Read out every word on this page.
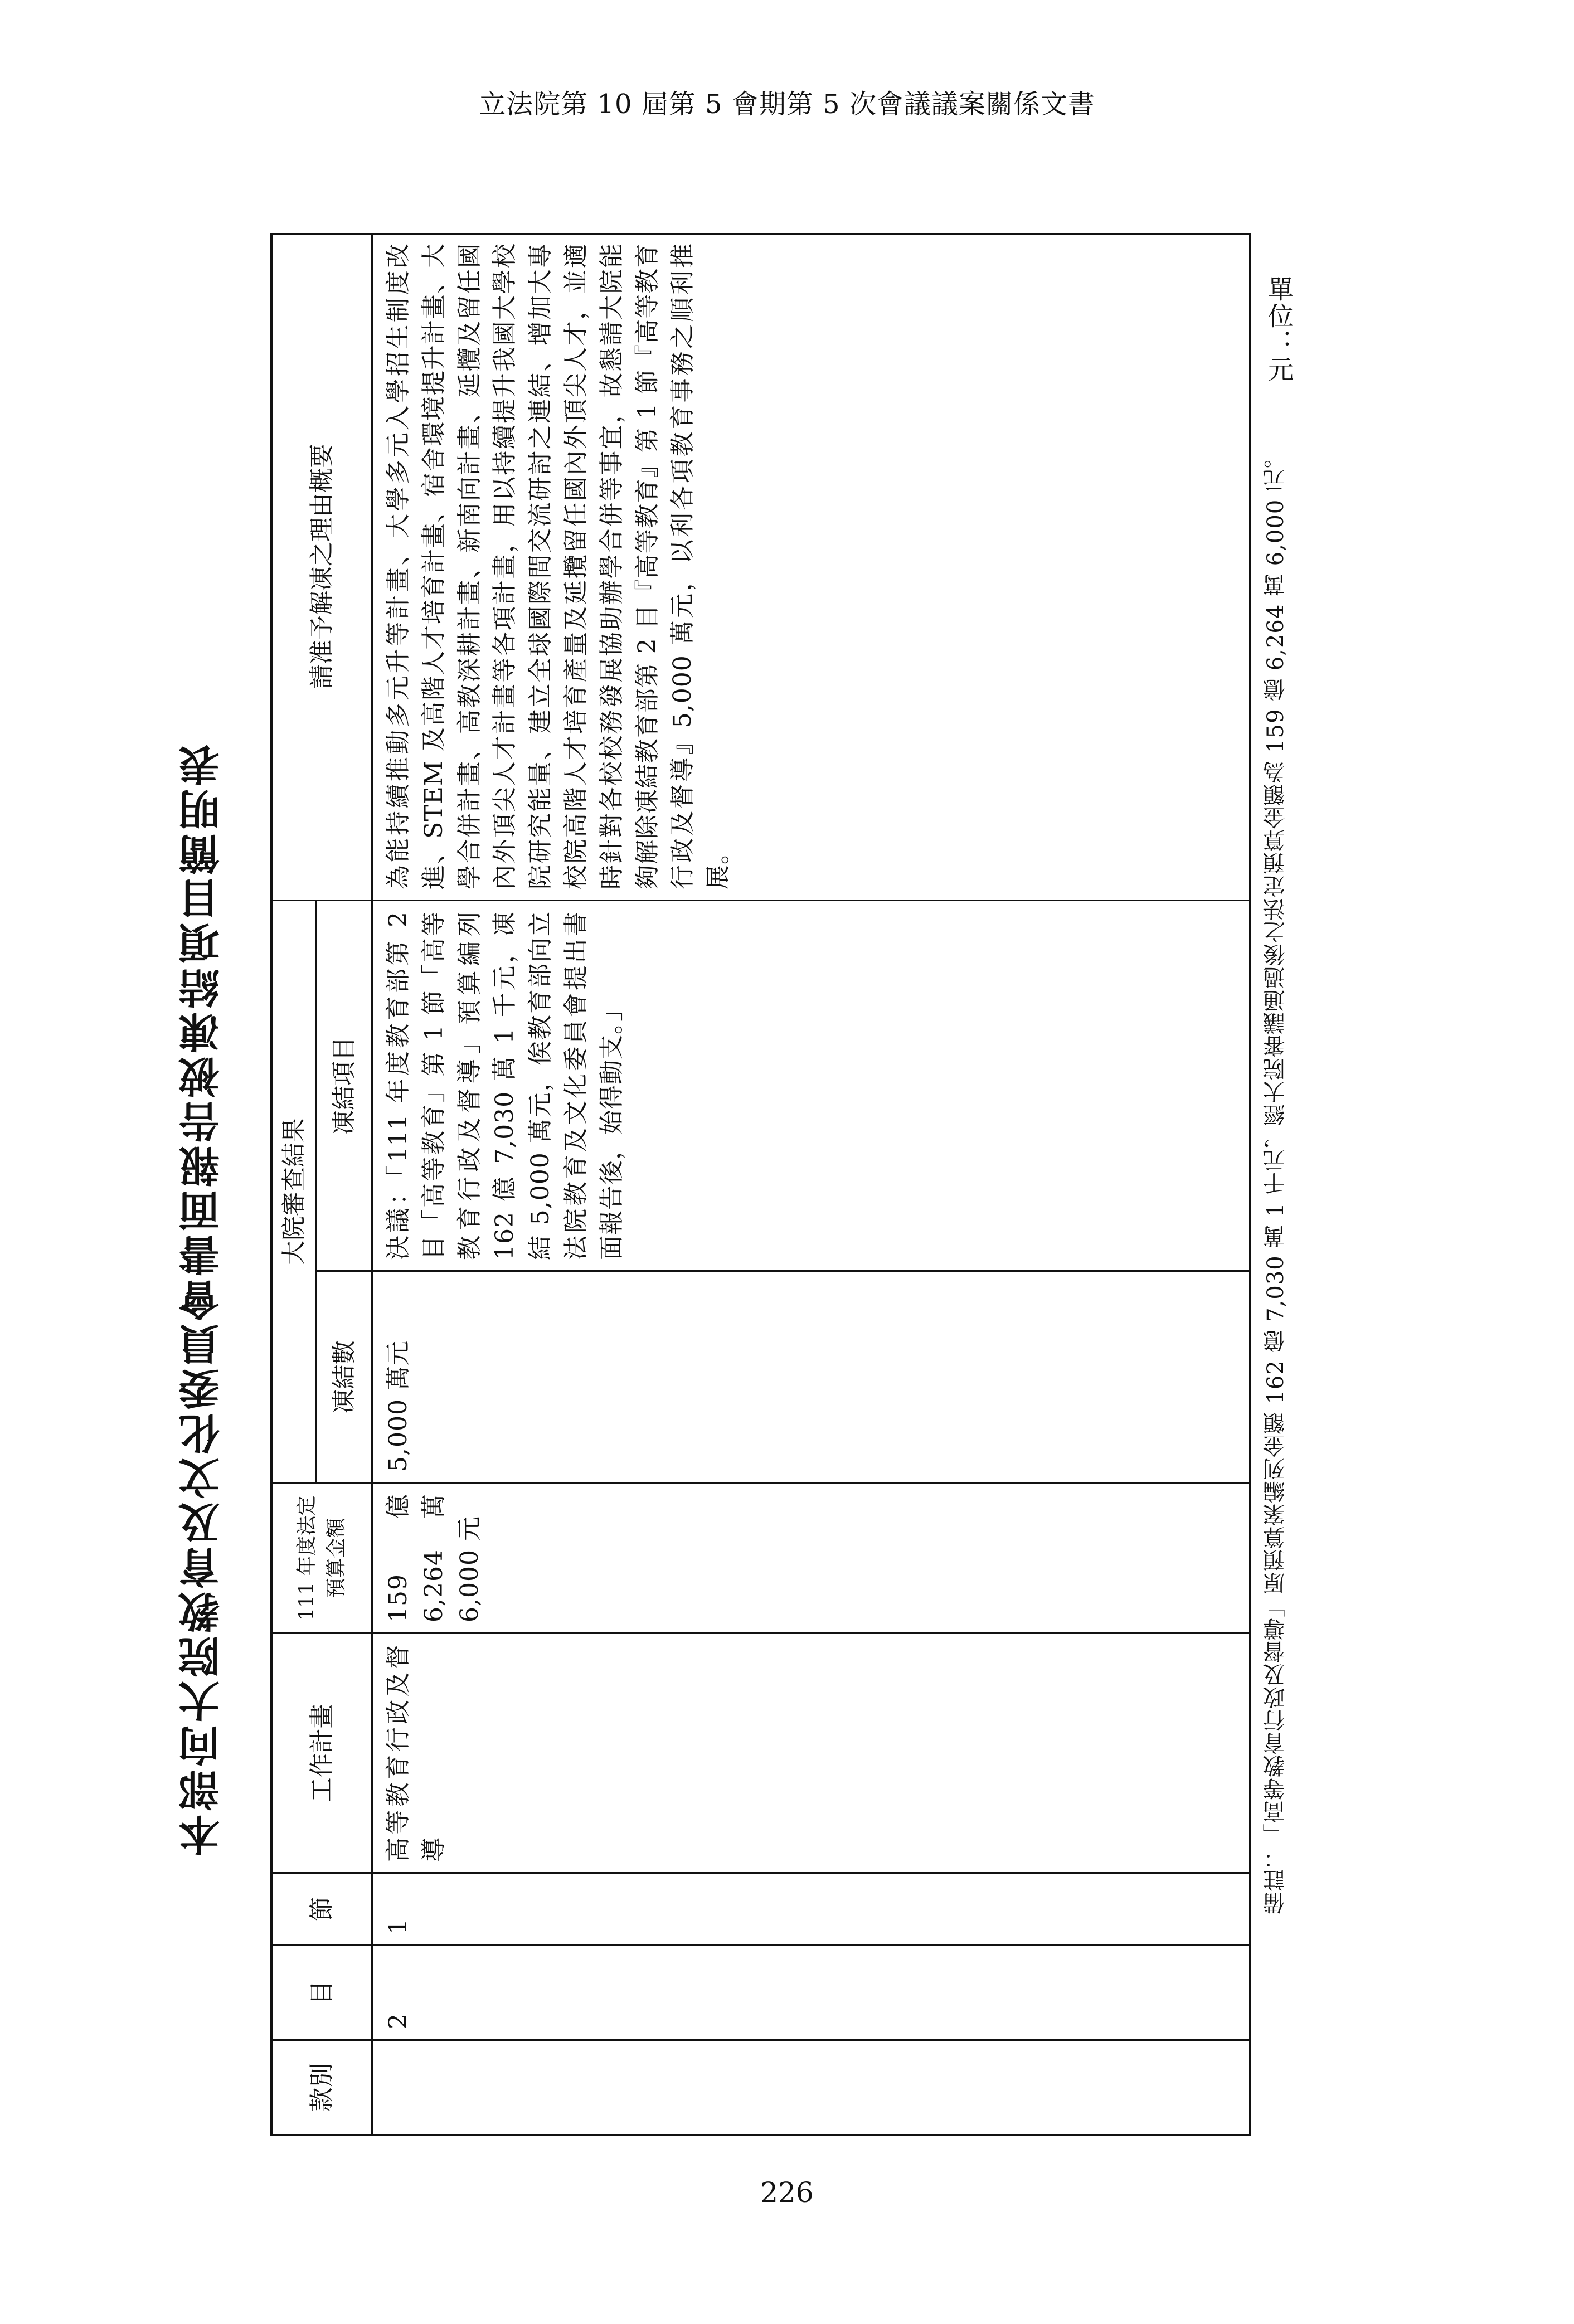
立法院第 10 屆第 5 會期第 5 次會議議案關係文書
本部向大院教育及文化委員會書面報告被凍結項目簡明表
單位：元
款別
目
節
工作計畫
111 年度法定預算金額
大院審查結果
凍結數
凍結項目
請准予解凍之理由概要
2
1
高等教育行政及督導
159 億 6,264 萬 6,000 元
5,000 萬元
決議：「111 年度教育部第 2 目「高等教育」第 1 節「高等教育行政及督導」預算編列 162 億 7,030 萬 1 千元，凍結 5,000 萬元，俟教育部向立法院教育及文化委員會提出書面報告後，始得動支。」
為能持續推動多元升等計畫、大學多元入學招生制度改進、STEM 及高階人才培育計畫、宿舍環境提升計畫、大學合併計畫、高教深耕計畫、新南向計畫、延攬及留任國內外頂尖人才計畫等各項計畫，用以持續提升我國大學校院研究能量、建立全球國際間交流研討之連結、增加大專校院高階人才培育產量及延攬留任國內外頂尖人才，並適時針對各校校務發展協助辦學合併等事宜，故懇請大院能夠解除凍結教育部第 2 目『高等教育』第 1 節『高等教育行政及督導』5,000 萬元，以利各項教育事務之順利推展。	備註：「高等教育行政及督導」原預算案編列金額 162 億 7,030 萬 1 千元，經大院審議通過後之法定預算金額為 159 億 6,264 萬 6,000 元。
226
